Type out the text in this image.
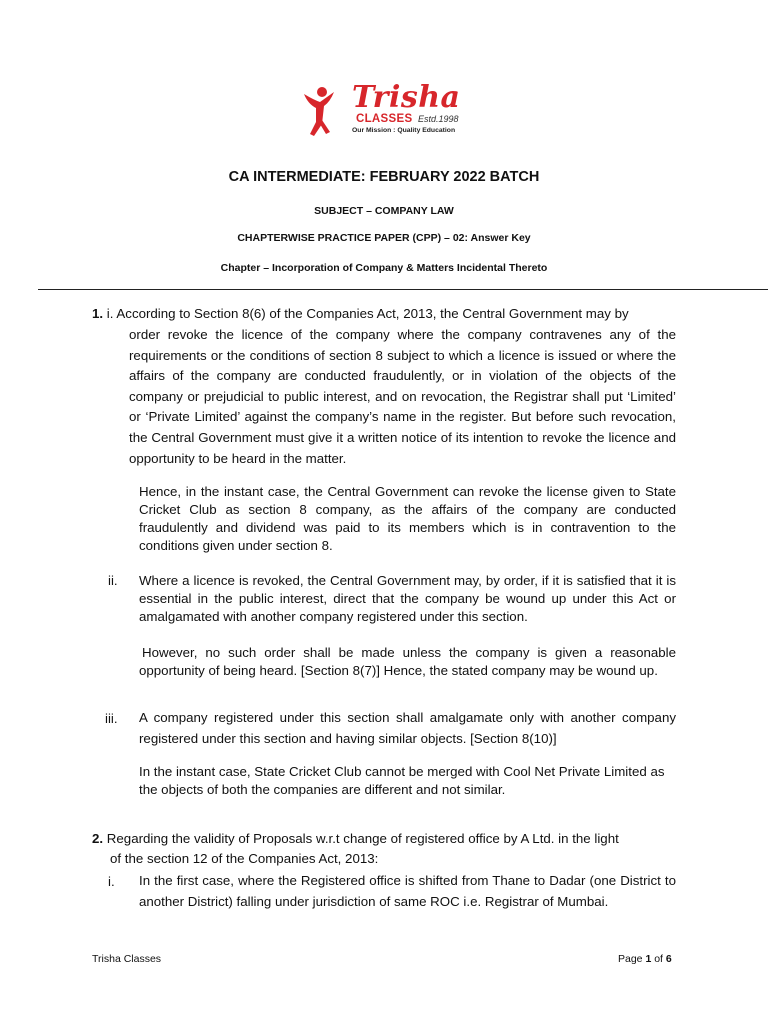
Trisha
CLASSES Estd.1998
Our Mission : Quality Education
CA INTERMEDIATE: FEBRUARY 2022 BATCH
SUBJECT – COMPANY LAW
CHAPTERWISE PRACTICE PAPER (CPP) – 02: Answer Key
Chapter – Incorporation of Company & Matters Incidental Thereto
1. i. According to Section 8(6) of the Companies Act, 2013, the Central Government may by
order revoke the licence of the company where the company contravenes any of the requirements or the conditions of section 8 subject to which a licence is issued or where the affairs of the company are conducted fraudulently, or in violation of the objects of the company or prejudicial to public interest, and on revocation, the Registrar shall put ‘Limited’ or ‘Private Limited’ against the company’s name in the register. But before such revocation, the Central Government must give it a written notice of its intention to revoke the licence and opportunity to be heard in the matter.
Hence, in the instant case, the Central Government can revoke the license given to State Cricket Club as section 8 company, as the affairs of the company are conducted fraudulently and dividend was paid to its members which is in contravention to the conditions given under section 8.
ii. Where a licence is revoked, the Central Government may, by order, if it is satisfied that it is essential in the public interest, direct that the company be wound up under this Act or amalgamated with another company registered under this section.
However, no such order shall be made unless the company is given a reasonable opportunity of being heard. [Section 8(7)] Hence, the stated company may be wound up.
iii. A company registered under this section shall amalgamate only with another company registered under this section and having similar objects. [Section 8(10)]
In the instant case, State Cricket Club cannot be merged with Cool Net Private Limited as the objects of both the companies are different and not similar.
2. Regarding the validity of Proposals w.r.t change of registered office by A Ltd. in the light
of the section 12 of the Companies Act, 2013:
i. In the first case, where the Registered office is shifted from Thane to Dadar (one District to another District) falling under jurisdiction of same ROC i.e. Registrar of Mumbai.
Trisha Classes	Page 1 of 6
